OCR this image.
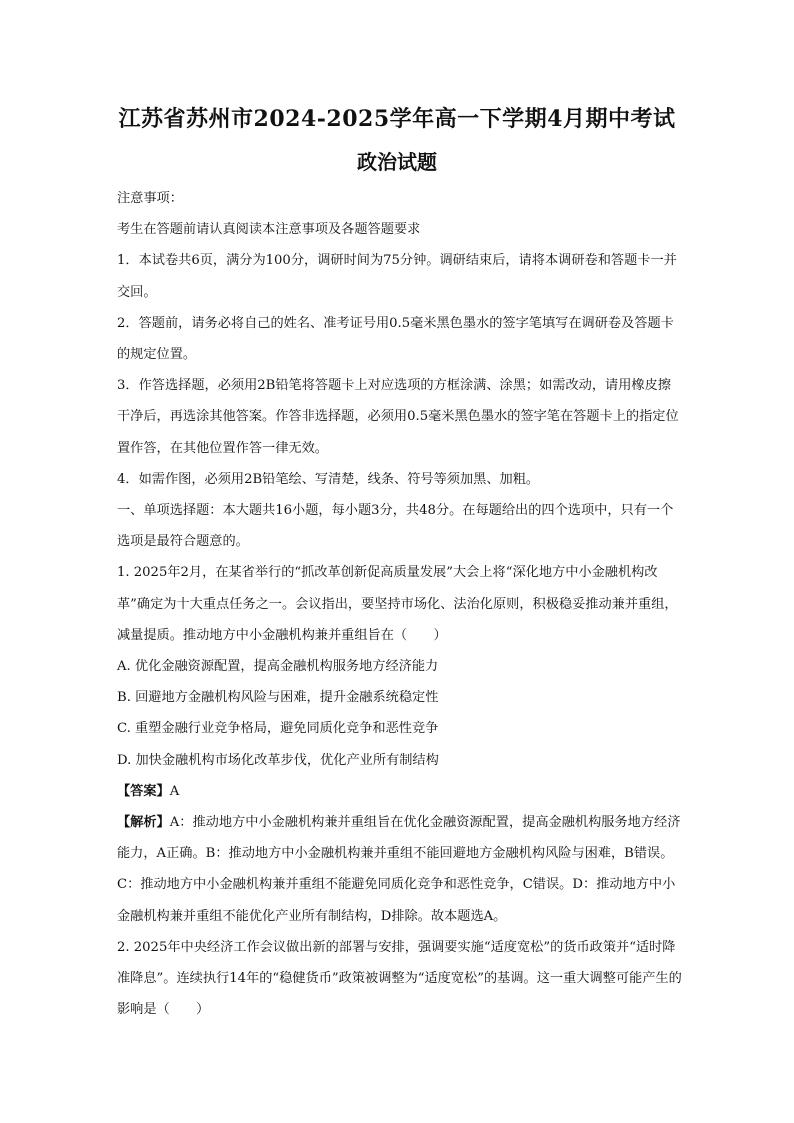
江苏省苏州市2024-2025学年高一下学期4月期中考试
政治试题

注意事项：

考生在答题前请认真阅读本注意事项及各题答题要求

1．本试卷共6页，满分为100分，调研时间为75分钟。调研结束后，请将本调研卷和答题卡一并交回。

2．答题前，请务必将自己的姓名、准考证号用0.5毫米黑色墨水的签字笔填写在调研卷及答题卡的规定位置。

3．作答选择题，必须用2B铅笔将答题卡上对应选项的方框涂满、涂黑；如需改动，请用橡皮擦干净后，再选涂其他答案。作答非选择题，必须用0.5毫米黑色墨水的签字笔在答题卡上的指定位置作答，在其他位置作答一律无效。

4．如需作图，必须用2B铅笔绘、写清楚，线条、符号等须加黑、加粗。

一、单项选择题：本大题共16小题，每小题3分，共48分。在每题给出的四个选项中，只有一个选项是最符合题意的。

1. 2025年2月，在某省举行的“抓改革创新促高质量发展”大会上将“深化地方中小金融机构改革”确定为十大重点任务之一。会议指出，要坚持市场化、法治化原则，积极稳妥推动兼并重组，减量提质。推动地方中小金融机构兼并重组旨在（　　）

A. 优化金融资源配置，提高金融机构服务地方经济能力

B. 回避地方金融机构风险与困难，提升金融系统稳定性

C. 重塑金融行业竞争格局，避免同质化竞争和恶性竞争

D. 加快金融机构市场化改革步伐，优化产业所有制结构

【答案】A

【解析】A：推动地方中小金融机构兼并重组旨在优化金融资源配置，提高金融机构服务地方经济能力，A正确。B：推动地方中小金融机构兼并重组不能回避地方金融机构风险与困难，B错误。C：推动地方中小金融机构兼并重组不能避免同质化竞争和恶性竞争，C错误。D：推动地方中小金融机构兼并重组不能优化产业所有制结构，D排除。故本题选A。

2. 2025年中央经济工作会议做出新的部署与安排，强调要实施“适度宽松”的货币政策并“适时降准降息”。连续执行14年的“稳健货币”政策被调整为“适度宽松”的基调。这一重大调整可能产生的影响是（　　）
